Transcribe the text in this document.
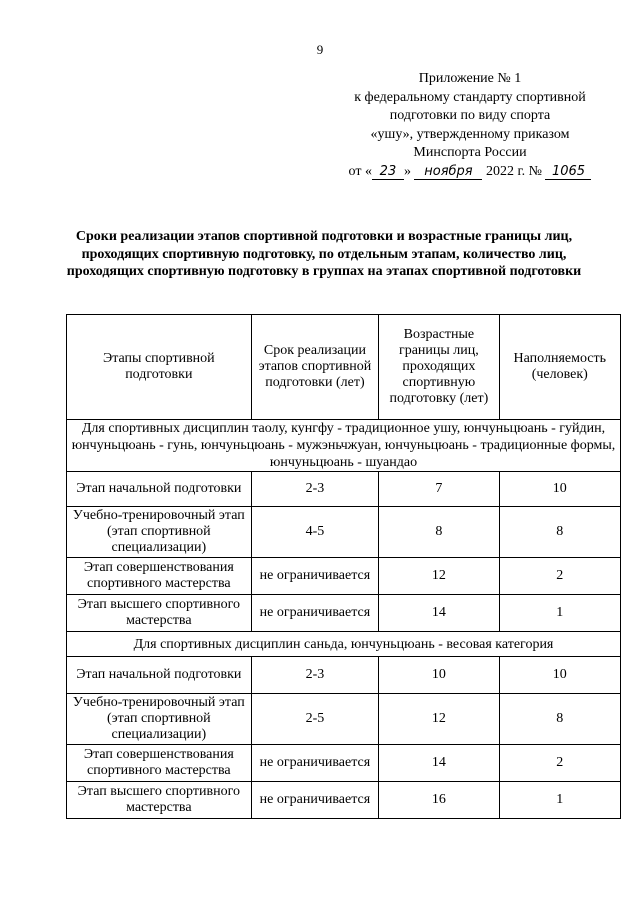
9
Приложение № 1
к федеральному стандарту спортивной
подготовки по виду спорта
«ушу», утвержденному приказом
Минспорта России
от « 23 » ноября 2022 г. № 1065
Сроки реализации этапов спортивной подготовки и возрастные границы лиц, проходящих спортивную подготовку, по отдельным этапам, количество лиц, проходящих спортивную подготовку в группах на этапах спортивной подготовки
Этапы спортивной подготовки	Срок реализации этапов спортивной подготовки (лет)	Возрастные границы лиц, проходящих спортивную подготовку (лет)	Наполняемость (человек)
Для спортивных дисциплин таолу, кунгфу - традиционное ушу, юнчуньцюань - гуйдин, юнчуньцюань - гунь, юнчуньцюань - мужэньчжуан, юнчуньцюань - традиционные формы, юнчуньцюань - шуандао			
Этап начальной подготовки	2-3	7	10
Учебно-тренировочный этап (этап спортивной специализации)	4-5	8	8
Этап совершенствования спортивного мастерства	не ограничивается	12	2
Этап высшего спортивного мастерства	не ограничивается	14	1
Для спортивных дисциплин саньда, юнчуньцюань - весовая категория			
Этап начальной подготовки	2-3	10	10
Учебно-тренировочный этап (этап спортивной специализации)	2-5	12	8
Этап совершенствования спортивного мастерства	не ограничивается	14	2
Этап высшего спортивного мастерства	не ограничивается	16	1
